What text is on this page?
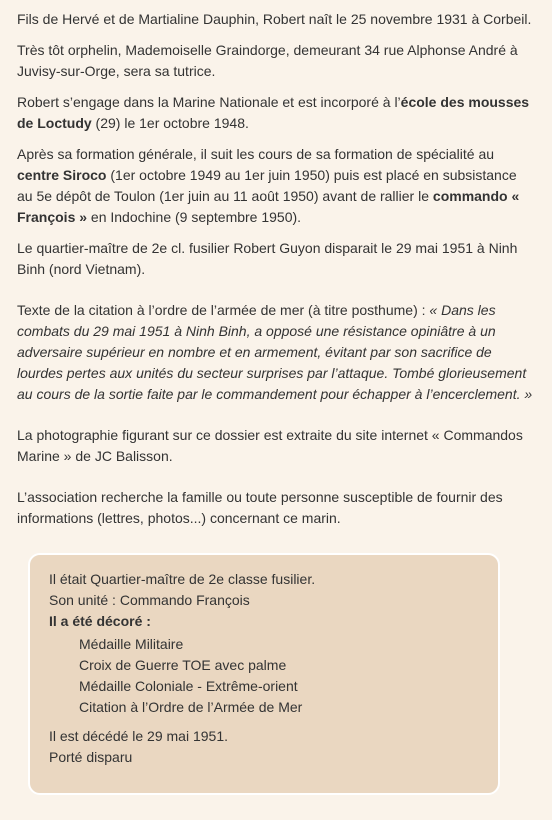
Fils de Hervé et de Martialine Dauphin, Robert naît le 25 novembre 1931 à Corbeil.

Très tôt orphelin, Mademoiselle Graindorge, demeurant 34 rue Alphonse André à Juvisy-sur-Orge, sera sa tutrice.

Robert s’engage dans la Marine Nationale et est incorporé à l’école des mousses de Loctudy (29) le 1er octobre 1948.

Après sa formation générale, il suit les cours de sa formation de spécialité au centre Siroco (1er octobre 1949 au 1er juin 1950) puis est placé en subsistance au 5e dépôt de Toulon (1er juin au 11 août 1950) avant de rallier le commando « François » en Indochine (9 septembre 1950).

Le quartier-maître de 2e cl. fusilier Robert Guyon disparait le 29 mai 1951 à Ninh Binh (nord Vietnam).

Texte de la citation à l’ordre de l’armée de mer (à titre posthume) : « Dans les combats du 29 mai 1951 à Ninh Binh, a opposé une résistance opiniâtre à un adversaire supérieur en nombre et en armement, évitant par son sacrifice de lourdes pertes aux unités du secteur surprises par l’attaque. Tombé glorieusement au cours de la sortie faite par le commandement pour échapper à l’encerclement. »

La photographie figurant sur ce dossier est extraite du site internet « Commandos Marine » de JC Balisson.

L’association recherche la famille ou toute personne susceptible de fournir des informations (lettres, photos...) concernant ce marin.

Il était Quartier-maître de 2e classe fusilier.
Son unité : Commando François
Il a été décoré :
Médaille Militaire
Croix de Guerre TOE avec palme
Médaille Coloniale - Extrême-orient
Citation à l’Ordre de l’Armée de Mer
Il est décédé le 29 mai 1951.
Porté disparu
